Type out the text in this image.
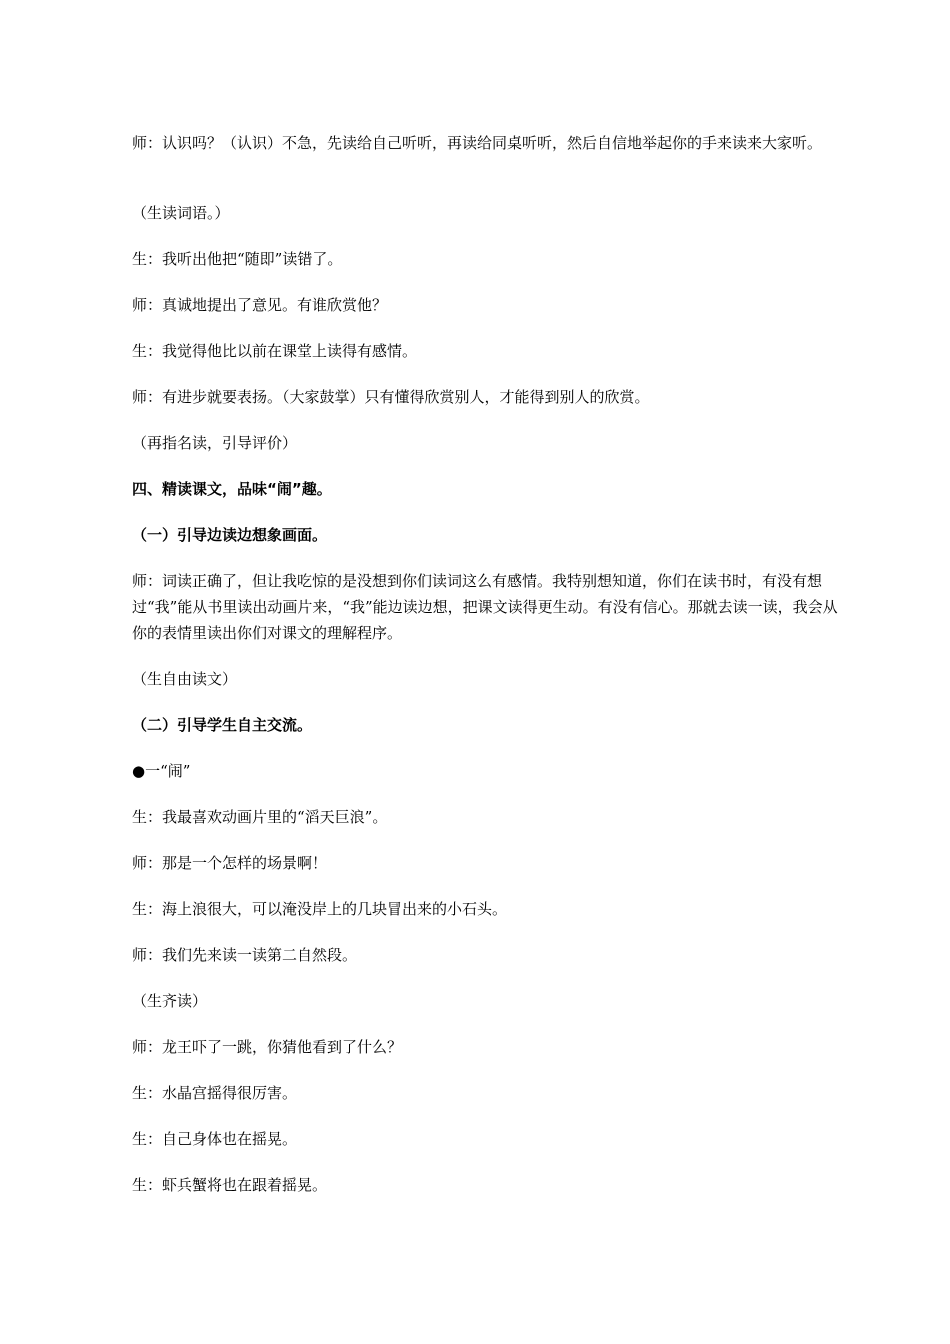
师：认识吗？（认识）不急，先读给自己听听，再读给同桌听听，然后自信地举起你的手来读来大家听。

（生读词语。）

生：我听出他把“随即”读错了。

师：真诚地提出了意见。有谁欣赏他？

生：我觉得他比以前在课堂上读得有感情。

师：有进步就要表扬。（大家鼓掌）只有懂得欣赏别人，才能得到别人的欣赏。

（再指名读，引导评价）

四、精读课文，品味“闹”趣。

（一）引导边读边想象画面。

师：词读正确了，但让我吃惊的是没想到你们读词这么有感情。我特别想知道，你们在读书时，有没有想过“我”能从书里读出动画片来，“我”能边读边想，把课文读得更生动。有没有信心。那就去读一读，我会从你的表情里读出你们对课文的理解程序。

（生自由读文）

（二）引导学生自主交流。

●一“闹”

生：我最喜欢动画片里的“滔天巨浪”。

师：那是一个怎样的场景啊！

生：海上浪很大，可以淹没岸上的几块冒出来的小石头。

师：我们先来读一读第二自然段。

（生齐读）

师：龙王吓了一跳，你猜他看到了什么？

生：水晶宫摇得很厉害。

生：自己身体也在摇晃。

生：虾兵蟹将也在跟着摇晃。
